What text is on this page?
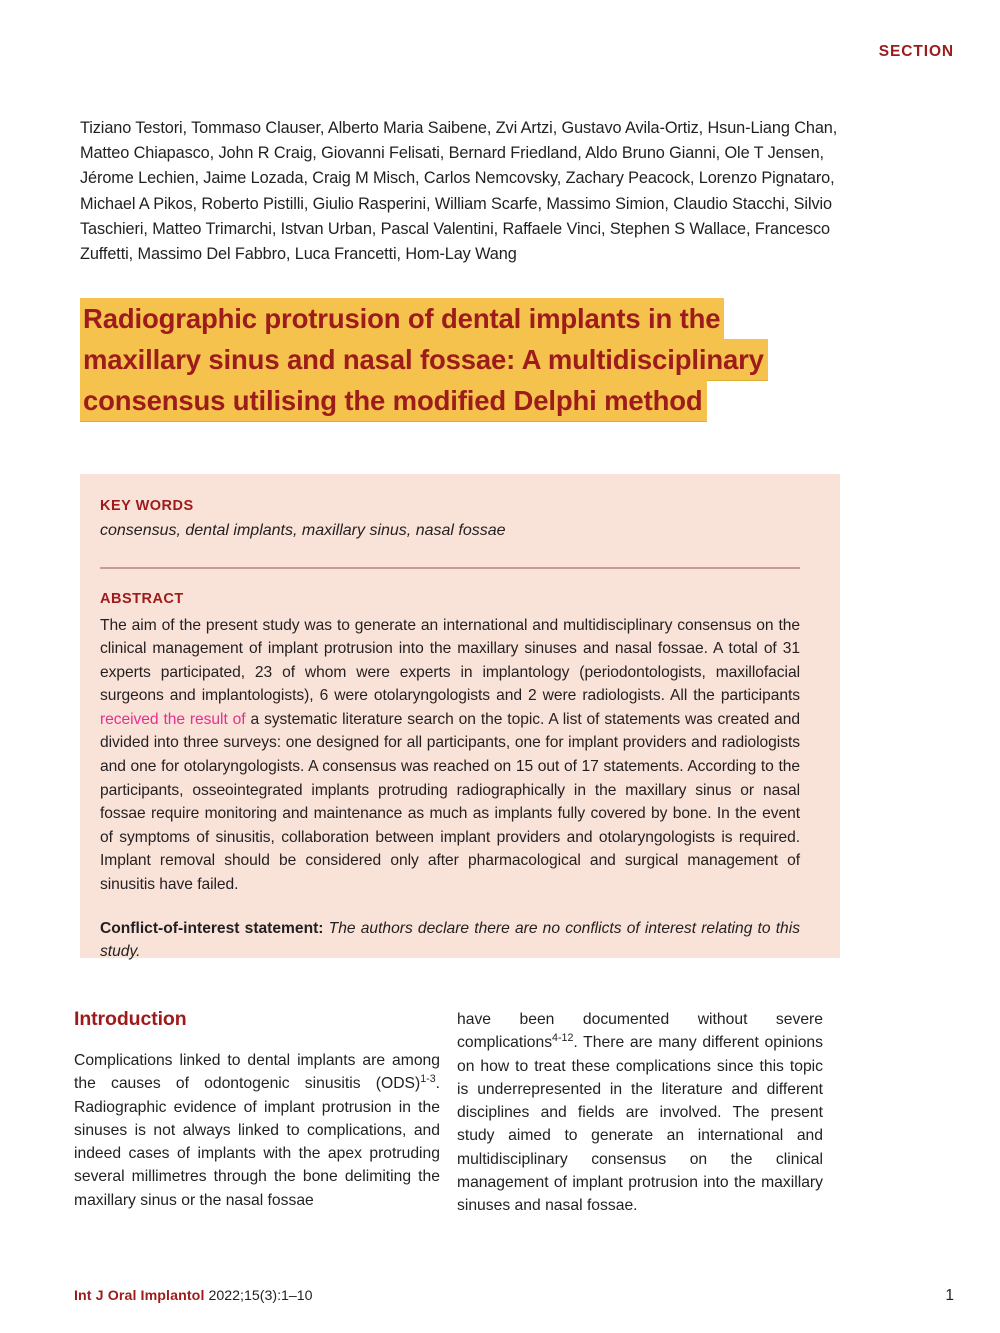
SECTION
Tiziano Testori, Tommaso Clauser, Alberto Maria Saibene, Zvi Artzi, Gustavo Avila-Ortiz, Hsun-Liang Chan, Matteo Chiapasco, John R Craig, Giovanni Felisati, Bernard Friedland, Aldo Bruno Gianni, Ole T Jensen, Jérome Lechien, Jaime Lozada, Craig M Misch, Carlos Nemcovsky, Zachary Peacock, Lorenzo Pignataro, Michael A Pikos, Roberto Pistilli, Giulio Rasperini, William Scarfe, Massimo Simion, Claudio Stacchi, Silvio Taschieri, Matteo Trimarchi, Istvan Urban, Pascal Valentini, Raffaele Vinci, Stephen S Wallace, Francesco Zuffetti, Massimo Del Fabbro, Luca Francetti, Hom-Lay Wang
Radiographic protrusion of dental implants in the
maxillary sinus and nasal fossae: A multidisciplinary
consensus utilising the modified Delphi method

KEY WORDS

consensus, dental implants, maxillary sinus, nasal fossae

ABSTRACT

The aim of the present study was to generate an international and multidisciplinary consensus on the clinical management of implant protrusion into the maxillary sinuses and nasal fossae. A total of 31 experts participated, 23 of whom were experts in implantology (periodontologists, maxillofacial surgeons and implantologists), 6 were otolaryngologists and 2 were radiologists. All the participants received the result of a systematic literature search on the topic. A list of statements was created and divided into three surveys: one designed for all participants, one for implant providers and radiologists and one for otolaryngologists. A consensus was reached on 15 out of 17 statements. According to the participants, osseointegrated implants protruding radiographically in the maxillary sinus or nasal fossae require monitoring and maintenance as much as implants fully covered by bone. In the event of symptoms of sinusitis, collaboration between implant providers and otolaryngologists is required. Implant removal should be considered only after pharmacological and surgical management of sinusitis have failed.

Conflict-of-interest statement: The authors declare there are no conflicts of interest relating to this study.

Introduction

Complications linked to dental implants are among the causes of odontogenic sinusitis (ODS)$^{1-3}$. Radiographic evidence of implant protrusion in the sinuses is not always linked to complications, and indeed cases of implants with the apex protruding several millimetres through the bone delimiting the maxillary sinus or the nasal fossae

have been documented without severe complications$^{4-12}$. There are many different opinions on how to treat these complications since this topic is underrepresented in the literature and different disciplines and fields are involved. The present study aimed to generate an international and multidisciplinary consensus on the clinical management of implant protrusion into the maxillary sinuses and nasal fossae.

Int J Oral Implantol 2022;15(3):1–10	1
